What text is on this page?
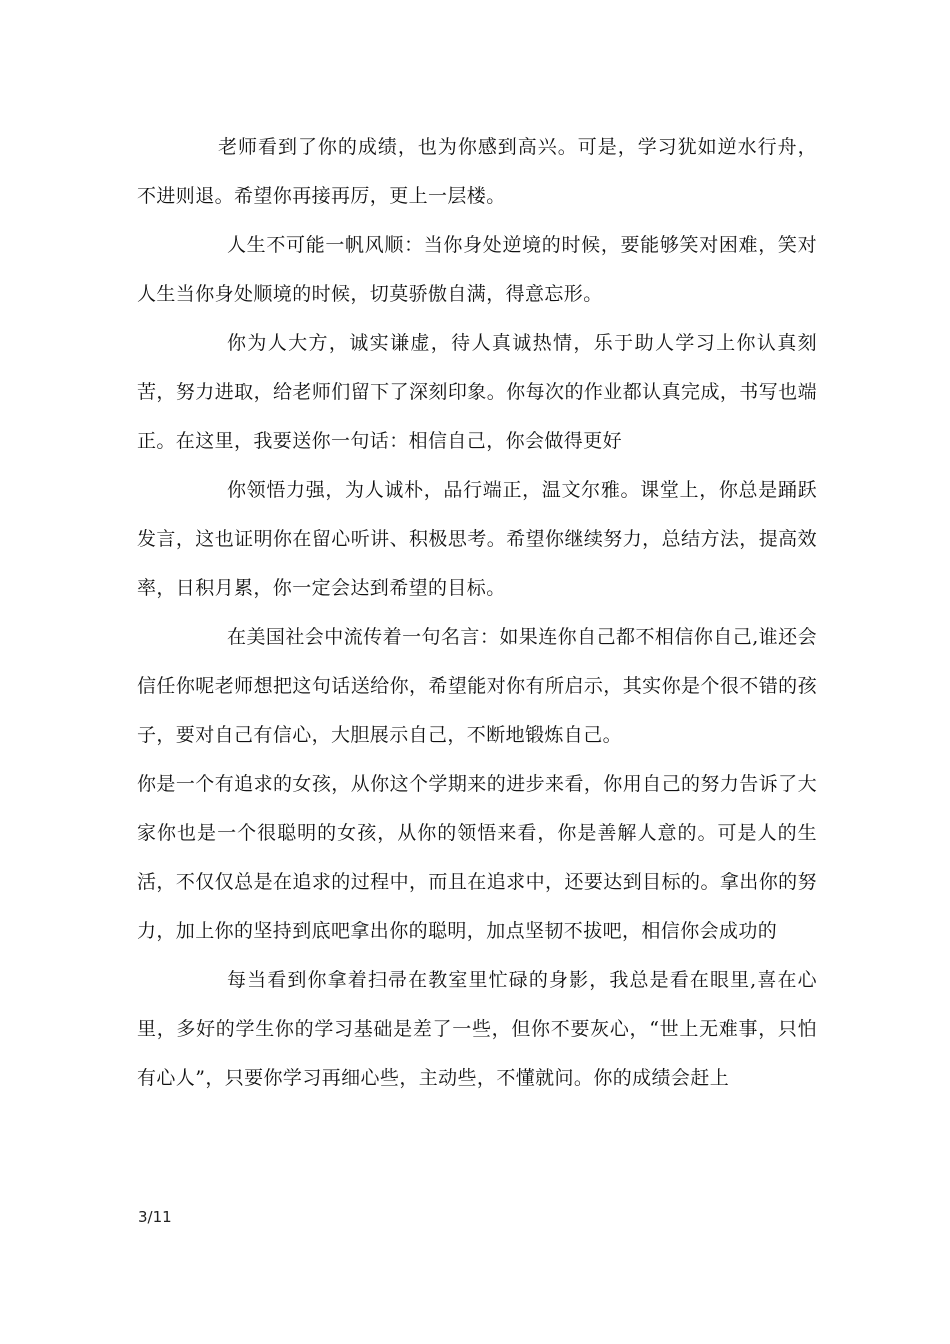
老师看到了你的成绩，也为你感到高兴。可是，学习犹如逆水行舟，不进则退。希望你再接再厉，更上一层楼。

人生不可能一帆风顺：当你身处逆境的时候，要能够笑对困难，笑对人生当你身处顺境的时候，切莫骄傲自满，得意忘形。

你为人大方，诚实谦虚，待人真诚热情，乐于助人学习上你认真刻苦，努力进取，给老师们留下了深刻印象。你每次的作业都认真完成，书写也端正。在这里，我要送你一句话：相信自己，你会做得更好

你领悟力强，为人诚朴，品行端正，温文尔雅。课堂上，你总是踊跃发言，这也证明你在留心听讲、积极思考。希望你继续努力，总结方法，提高效率，日积月累，你一定会达到希望的目标。

在美国社会中流传着一句名言：如果连你自己都不相信你自己,谁还会信任你呢老师想把这句话送给你，希望能对你有所启示，其实你是个很不错的孩子，要对自己有信心，大胆展示自己，不断地锻炼自己。

你是一个有追求的女孩，从你这个学期来的进步来看，你用自己的努力告诉了大家你也是一个很聪明的女孩，从你的领悟来看，你是善解人意的。可是人的生活，不仅仅总是在追求的过程中，而且在追求中，还要达到目标的。拿出你的努力，加上你的坚持到底吧拿出你的聪明，加点坚韧不拔吧，相信你会成功的

每当看到你拿着扫帚在教室里忙碌的身影，我总是看在眼里,喜在心里，多好的学生你的学习基础是差了一些，但你不要灰心，“世上无难事，只怕有心人”，只要你学习再细心些，主动些，不懂就问。你的成绩会赶上

3/11
